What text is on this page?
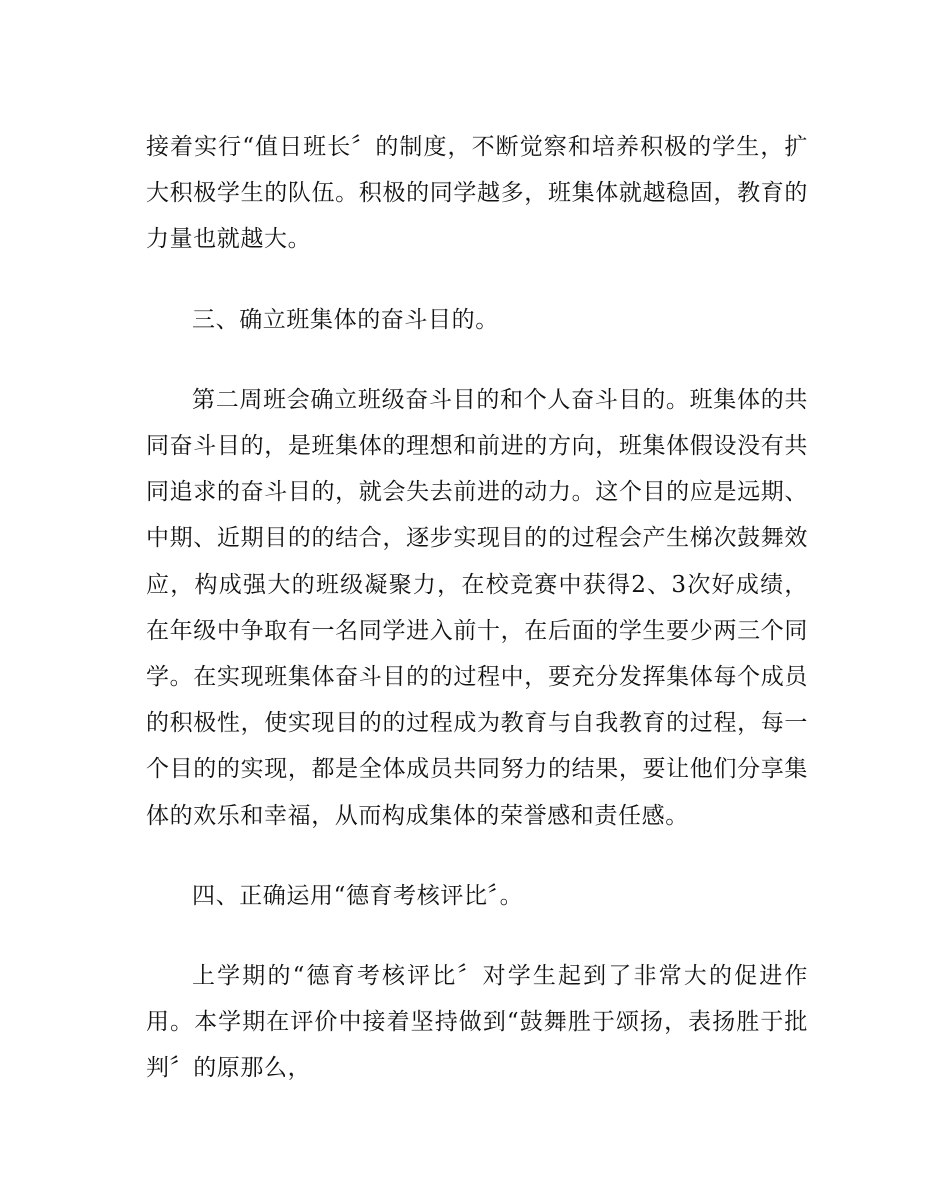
接着实行“值日班长〞的制度，不断觉察和培养积极的学生，扩大积极学生的队伍。积极的同学越多，班集体就越稳固，教育的力量也就越大。

三、确立班集体的奋斗目的。

第二周班会确立班级奋斗目的和个人奋斗目的。班集体的共同奋斗目的，是班集体的理想和前进的方向，班集体假设没有共同追求的奋斗目的，就会失去前进的动力。这个目的应是远期、中期、近期目的的结合，逐步实现目的的过程会产生梯次鼓舞效应，构成强大的班级凝聚力，在校竞赛中获得2、3次好成绩，在年级中争取有一名同学进入前十，在后面的学生要少两三个同学。在实现班集体奋斗目的的过程中，要充分发挥集体每个成员的积极性，使实现目的的过程成为教育与自我教育的过程，每一个目的的实现，都是全体成员共同努力的结果，要让他们分享集体的欢乐和幸福，从而构成集体的荣誉感和责任感。

四、正确运用“德育考核评比〞。

上学期的“德育考核评比〞对学生起到了非常大的促进作用。本学期在评价中接着坚持做到“鼓舞胜于颂扬，表扬胜于批判〞的原那么，
